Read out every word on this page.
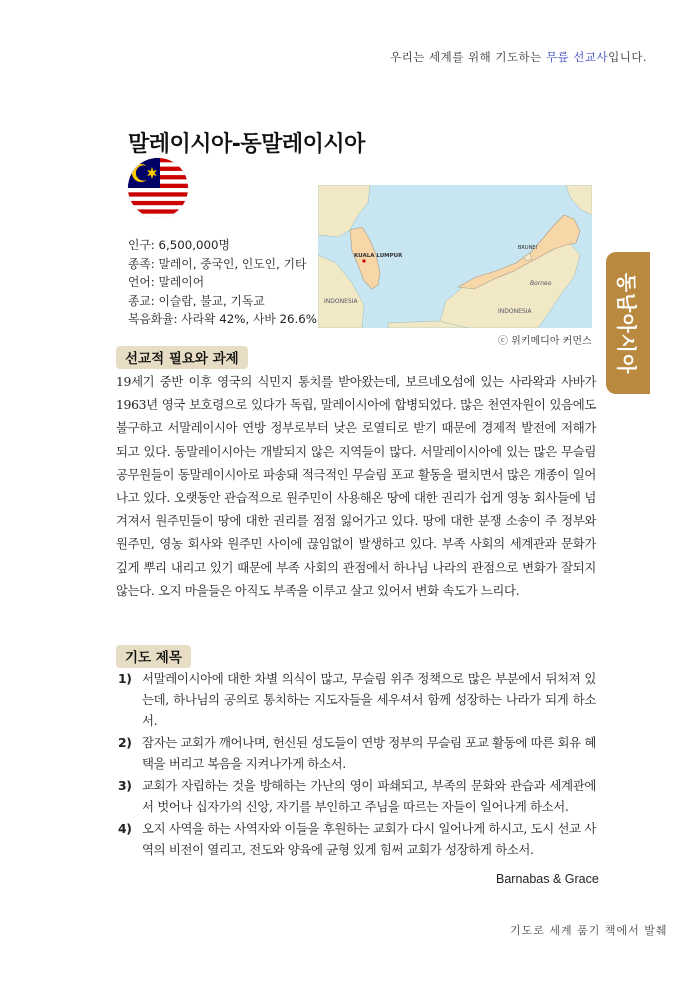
우리는 세계를 위해 기도하는 무릎 선교사입니다.
말레이시아-동말레이시아
인구: 6,500,000명
종족: 말레이, 중국인, 인도인, 기타
언어: 말레이어
종교: 이슬람, 불교, 기독교
복음화율: 사라왁 42%, 사바 26.6%
KUALA LUMPUR
INDONESIA
INDONESIA
Borneo
BRUNEI
ⓒ 위키메디아 커먼스 동남아시아
선교적 필요와 과제
19세기 중반 이후 영국의 식민지 통치를 받아왔는데, 보르네오섬에 있는 사라왁과 사바가 1963년 영국 보호령으로 있다가 독립, 말레이시아에 합병되었다. 많은 천연자원이 있음에도 불구하고 서말레이시아 연방 정부로부터 낮은 로열티로 받기 때문에 경제적 발전에 저해가 되고 있다. 동말레이시아는 개발되지 않은 지역들이 많다. 서말레이시아에 있는 많은 무슬림 공무원들이 동말레이시아로 파송돼 적극적인 무슬림 포교 활동을 펼치면서 많은 개종이 일어나고 있다. 오랫동안 관습적으로 원주민이 사용해온 땅에 대한 권리가 쉽게 영농 회사들에 넘겨져서 원주민들이 땅에 대한 권리를 점점 잃어가고 있다. 땅에 대한 분쟁 소송이 주 정부와 원주민, 영농 회사와 원주민 사이에 끊임없이 발생하고 있다. 부족 사회의 세계관과 문화가 깊게 뿌리 내리고 있기 때문에 부족 사회의 관점에서 하나님 나라의 관점으로 변화가 잘되지 않는다. 오지 마을들은 아직도 부족을 이루고 살고 있어서 변화 속도가 느리다.
기도 제목
1) 서말레이시아에 대한 차별 의식이 많고, 무슬림 위주 정책으로 많은 부분에서 뒤처져 있는데, 하나님의 공의로 통치하는 지도자들을 세우셔서 함께 성장하는 나라가 되게 하소서.
2) 잠자는 교회가 깨어나며, 헌신된 성도들이 연방 정부의 무슬림 포교 활동에 따른 회유 혜택을 버리고 복음을 지켜나가게 하소서.
3) 교회가 자립하는 것을 방해하는 가난의 영이 파쇄되고, 부족의 문화와 관습과 세계관에서 벗어나 십자가의 신앙, 자기를 부인하고 주님을 따르는 자들이 일어나게 하소서.
4) 오지 사역을 하는 사역자와 이들을 후원하는 교회가 다시 일어나게 하시고, 도시 선교 사역의 비전이 열리고, 전도와 양육에 균형 있게 힘써 교회가 성장하게 하소서.
Barnabas & Grace
기도로 세계 품기 책에서 발췌
